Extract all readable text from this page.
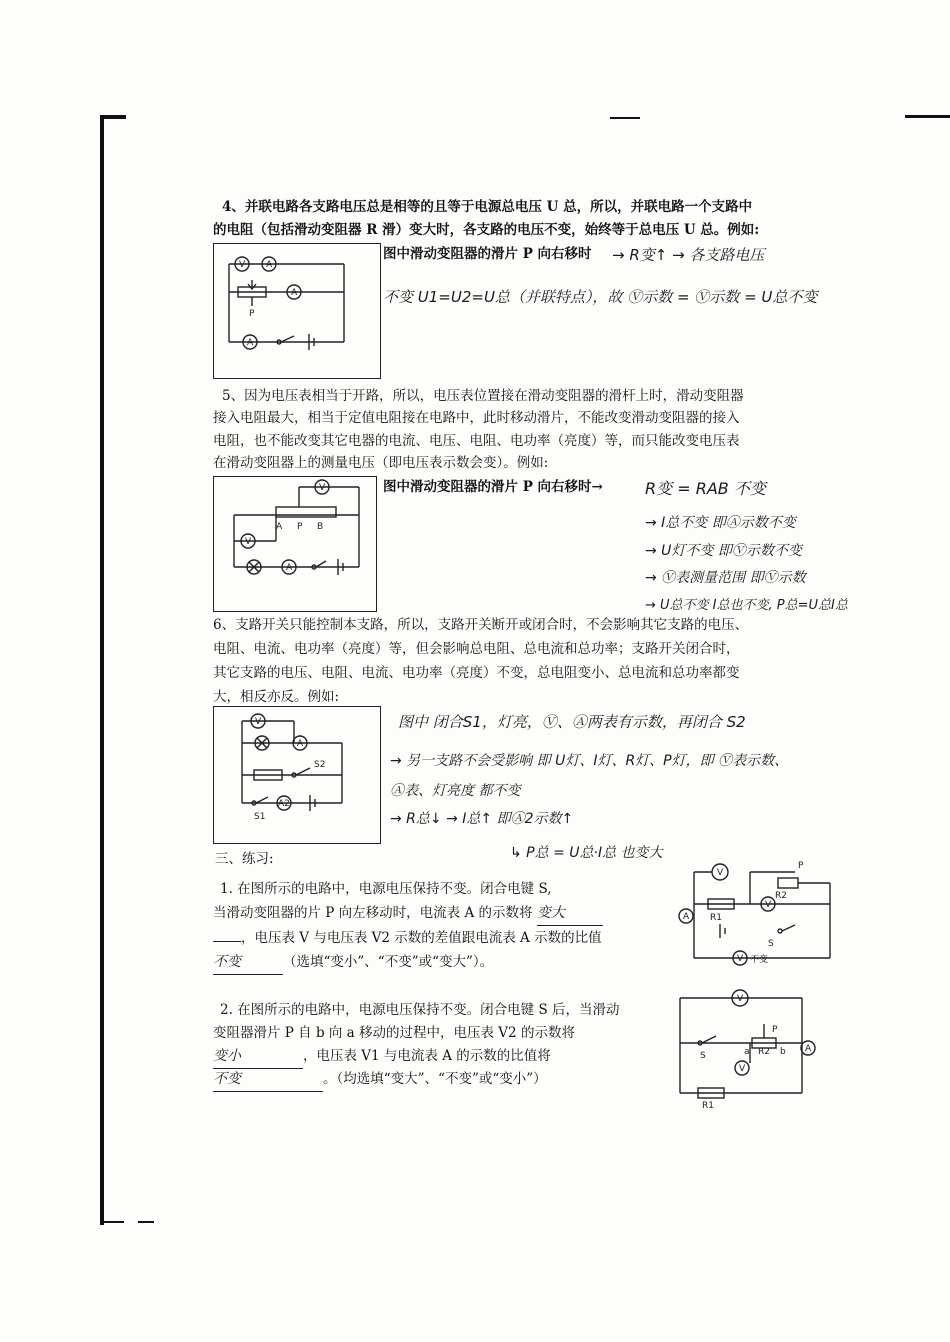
4、并联电路各支路电压总是相等的且等于电源总电压 U 总，所以，并联电路一个支路中
的电阻（包括滑动变阻器 R 滑）变大时，各支路的电压不变，始终等于总电压 U 总。例如:
V A
P
A
A
图中滑动变阻器的滑片 P 向右移时 → R变↑ → 各支路电压
不变 U1=U2=U总（并联特点），故 Ⓥ示数 = Ⓥ示数 = U总不变
5、因为电压表相当于开路，所以，电压表位置接在滑动变阻器的滑杆上时，滑动变阻器
接入电阻最大，相当于定值电阻接在电路中，此时移动滑片，不能改变滑动变阻器的接入
电阻，也不能改变其它电器的电流、电压、电阻、电功率（亮度）等，而只能改变电压表
在滑动变阻器上的测量电压（即电压表示数会变）。例如:
V
A P B
V
A
图中滑动变阻器的滑片 P 向右移时→	R变 = RAB 不变
→ I总不变 即Ⓐ示数不变
→ U灯不变 即Ⓥ示数不变
→ Ⓥ表测量范围 即Ⓥ示数
→ U总不变 I总也不变, P总=U总I总
6、支路开关只能控制本支路，所以，支路开关断开或闭合时，不会影响其它支路的电压、
电阻、电流、电功率（亮度）等，但会影响总电阻、总电流和总功率；支路开关闭合时，
其它支路的电压、电阻、电流、电功率（亮度）不变，总电阻变小、总电流和总功率都变
大，相反亦反。例如:
V
A
S2
A2
S1
图中 闭合S1，灯亮，Ⓥ、Ⓐ两表有示数，再闭合 S2
→ 另一支路不会受影响 即 U灯、I灯、R灯、P灯，即 Ⓥ表示数、
Ⓐ表、灯亮度 都不变
→ R总↓ → I总↑ 即Ⓐ2示数↑
↳ P总 = U总·I总 也变大
三、练习:
1. 在图所示的电路中，电源电压保持不变。闭合电键 S,
当滑动变阻器的片 P 向左移动时，电流表 A 的示数将 变大
，电压表 V 与电压表 V2 示数的差值跟电流表 A 示数的比值
不变	（选填“变小”、“不变”或“变大”）。
V
P
R2
A R1
V
S
V 不变
2. 在图所示的电路中，电源电压保持不变。闭合电键 S 后，当滑动
变阻器滑片 P 自 b 向 a 移动的过程中，电压表 V2 的示数将
变小	，电压表 V1 与电流表 A 的示数的比值将
不变	。（均选填“变大”、“不变”或“变小”）
V
S
P
a R2 b A
V
R1
